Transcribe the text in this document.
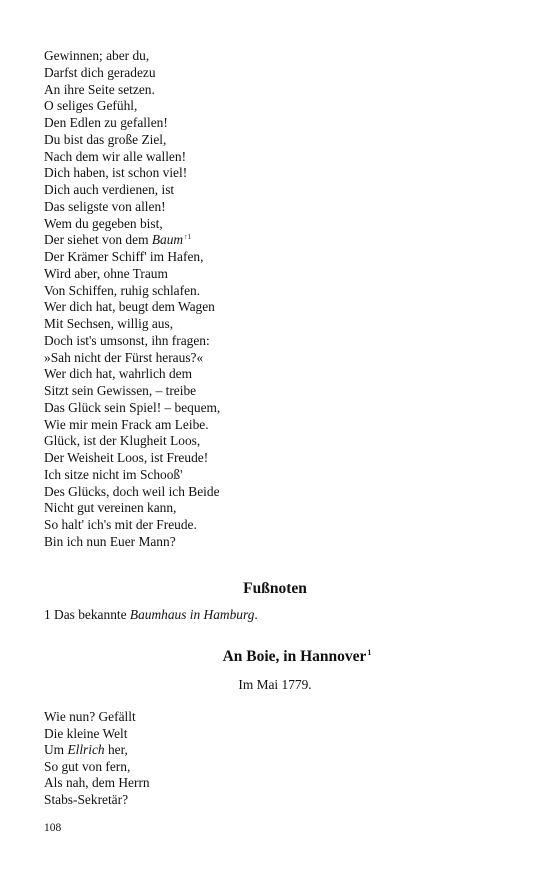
Gewinnen; aber du,
Darfst dich geradezu
An ihre Seite setzen.
O seliges Gefühl,
Den Edlen zu gefallen!
Du bist das große Ziel,
Nach dem wir alle wallen!
Dich haben, ist schon viel!
Dich auch verdienen, ist
Das seligste von allen!
Wem du gegeben bist,
Der siehet von dem Baum$^{↑1}$
Der Krämer Schiff' im Hafen,
Wird aber, ohne Traum
Von Schiffen, ruhig schlafen.
Wer dich hat, beugt dem Wagen
Mit Sechsen, willig aus,
Doch ist's umsonst, ihn fragen:
»Sah nicht der Fürst heraus?«
Wer dich hat, wahrlich dem
Sitzt sein Gewissen, – treibe
Das Glück sein Spiel! – bequem,
Wie mir mein Frack am Leibe.
Glück, ist der Klugheit Loos,
Der Weisheit Loos, ist Freude!
Ich sitze nicht im Schooß'
Des Glücks, doch weil ich Beide
Nicht gut vereinen kann,
So halt' ich's mit der Freude.
Bin ich nun Euer Mann?
Fußnoten
1 Das bekannte Baumhaus in Hamburg.
An Boie, in Hannover$^1$
Im Mai 1779.
Wie nun? Gefällt
Die kleine Welt
Um Ellrich her,
So gut von fern,
Als nah, dem Herrn
Stabs-Sekretär?
108
